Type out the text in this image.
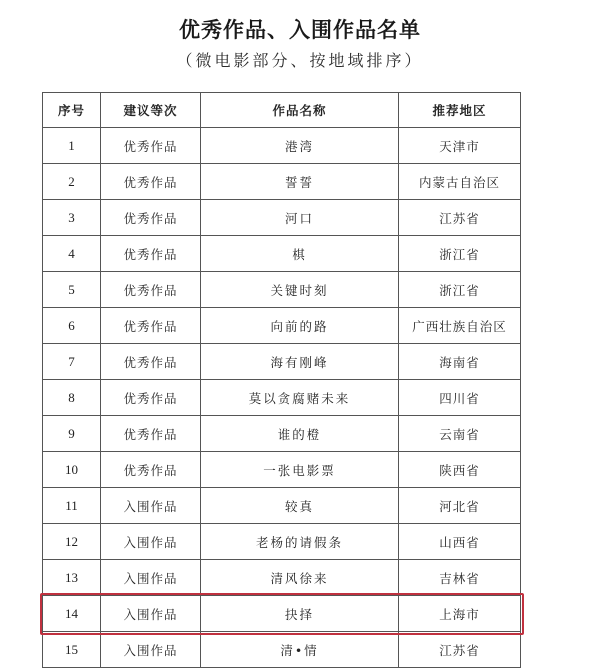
优秀作品、入围作品名单
（微电影部分、按地域排序）
序号	建议等次	作品名称	推荐地区
1	优秀作品	港湾	天津市
2	优秀作品	誓誓	内蒙古自治区
3	优秀作品	河口	江苏省
4	优秀作品	棋	浙江省
5	优秀作品	关键时刻	浙江省
6	优秀作品	向前的路	广西壮族自治区
7	优秀作品	海有刚峰	海南省
8	优秀作品	莫以贪腐赌未来	四川省
9	优秀作品	谁的橙	云南省
10	优秀作品	一张电影票	陕西省
11	入围作品	较真	河北省
12	入围作品	老杨的请假条	山西省
13	入围作品	清风徐来	吉林省
14	入围作品	抉择	上海市
15	入围作品	清•情	江苏省
